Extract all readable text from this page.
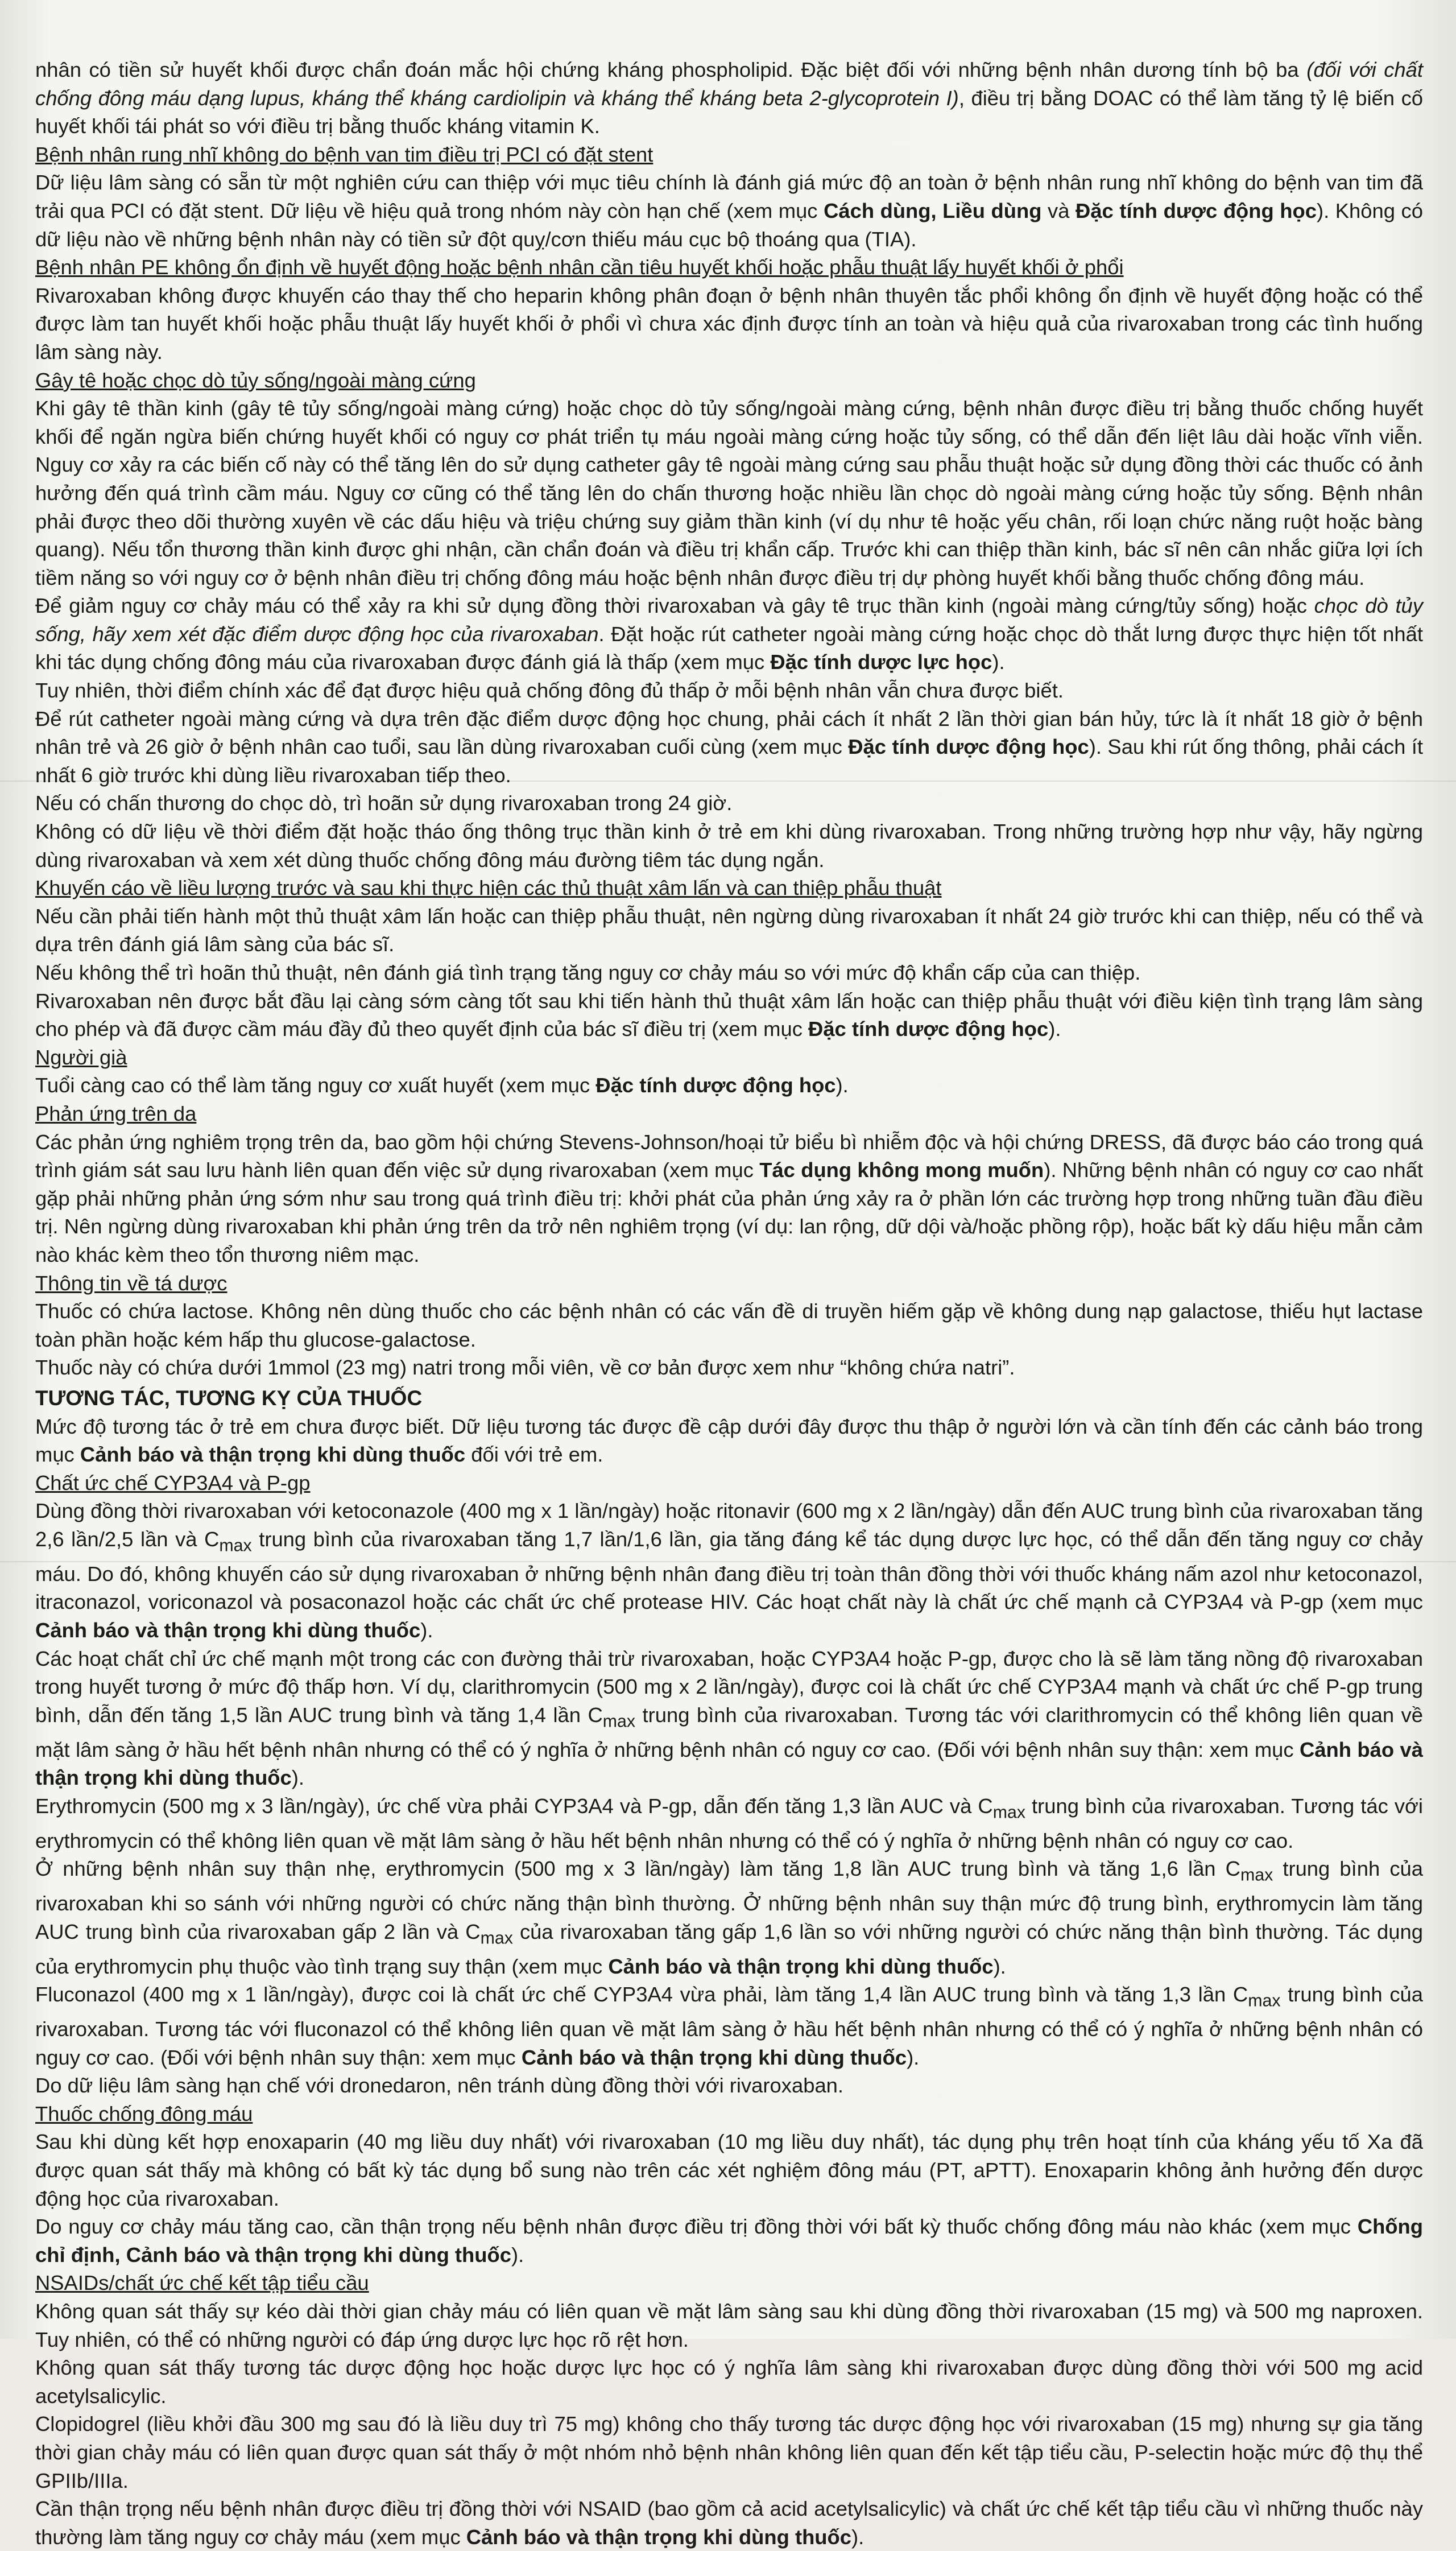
nhân có tiền sử huyết khối được chẩn đoán mắc hội chứng kháng phospholipid. Đặc biệt đối với những bệnh nhân dương tính bộ ba (đối với chất chống đông máu dạng lupus, kháng thể kháng cardiolipin và kháng thể kháng beta 2-glycoprotein I), điều trị bằng DOAC có thể làm tăng tỷ lệ biến cố huyết khối tái phát so với điều trị bằng thuốc kháng vitamin K.

Bệnh nhân rung nhĩ không do bệnh van tim điều trị PCI có đặt stent

Dữ liệu lâm sàng có sẵn từ một nghiên cứu can thiệp với mục tiêu chính là đánh giá mức độ an toàn ở bệnh nhân rung nhĩ không do bệnh van tim đã trải qua PCI có đặt stent. Dữ liệu về hiệu quả trong nhóm này còn hạn chế (xem mục Cách dùng, Liều dùng và Đặc tính dược động học). Không có dữ liệu nào về những bệnh nhân này có tiền sử đột quỵ/cơn thiếu máu cục bộ thoáng qua (TIA).

Bệnh nhân PE không ổn định về huyết động hoặc bệnh nhân cần tiêu huyết khối hoặc phẫu thuật lấy huyết khối ở phổi

Rivaroxaban không được khuyến cáo thay thế cho heparin không phân đoạn ở bệnh nhân thuyên tắc phổi không ổn định về huyết động hoặc có thể được làm tan huyết khối hoặc phẫu thuật lấy huyết khối ở phổi vì chưa xác định được tính an toàn và hiệu quả của rivaroxaban trong các tình huống lâm sàng này.

Gây tê hoặc chọc dò tủy sống/ngoài màng cứng

Khi gây tê thần kinh (gây tê tủy sống/ngoài màng cứng) hoặc chọc dò tủy sống/ngoài màng cứng, bệnh nhân được điều trị bằng thuốc chống huyết khối để ngăn ngừa biến chứng huyết khối có nguy cơ phát triển tụ máu ngoài màng cứng hoặc tủy sống, có thể dẫn đến liệt lâu dài hoặc vĩnh viễn. Nguy cơ xảy ra các biến cố này có thể tăng lên do sử dụng catheter gây tê ngoài màng cứng sau phẫu thuật hoặc sử dụng đồng thời các thuốc có ảnh hưởng đến quá trình cầm máu. Nguy cơ cũng có thể tăng lên do chấn thương hoặc nhiều lần chọc dò ngoài màng cứng hoặc tủy sống. Bệnh nhân phải được theo dõi thường xuyên về các dấu hiệu và triệu chứng suy giảm thần kinh (ví dụ như tê hoặc yếu chân, rối loạn chức năng ruột hoặc bàng quang). Nếu tổn thương thần kinh được ghi nhận, cần chẩn đoán và điều trị khẩn cấp. Trước khi can thiệp thần kinh, bác sĩ nên cân nhắc giữa lợi ích tiềm năng so với nguy cơ ở bệnh nhân điều trị chống đông máu hoặc bệnh nhân được điều trị dự phòng huyết khối bằng thuốc chống đông máu.

Để giảm nguy cơ chảy máu có thể xảy ra khi sử dụng đồng thời rivaroxaban và gây tê trục thần kinh (ngoài màng cứng/tủy sống) hoặc chọc dò tủy sống, hãy xem xét đặc điểm dược động học của rivaroxaban. Đặt hoặc rút catheter ngoài màng cứng hoặc chọc dò thắt lưng được thực hiện tốt nhất khi tác dụng chống đông máu của rivaroxaban được đánh giá là thấp (xem mục Đặc tính dược lực học).

Tuy nhiên, thời điểm chính xác để đạt được hiệu quả chống đông đủ thấp ở mỗi bệnh nhân vẫn chưa được biết.

Để rút catheter ngoài màng cứng và dựa trên đặc điểm dược động học chung, phải cách ít nhất 2 lần thời gian bán hủy, tức là ít nhất 18 giờ ở bệnh nhân trẻ và 26 giờ ở bệnh nhân cao tuổi, sau lần dùng rivaroxaban cuối cùng (xem mục Đặc tính dược động học). Sau khi rút ống thông, phải cách ít nhất 6 giờ trước khi dùng liều rivaroxaban tiếp theo.

Nếu có chấn thương do chọc dò, trì hoãn sử dụng rivaroxaban trong 24 giờ.

Không có dữ liệu về thời điểm đặt hoặc tháo ống thông trục thần kinh ở trẻ em khi dùng rivaroxaban. Trong những trường hợp như vậy, hãy ngừng dùng rivaroxaban và xem xét dùng thuốc chống đông máu đường tiêm tác dụng ngắn.

Khuyến cáo về liều lượng trước và sau khi thực hiện các thủ thuật xâm lấn và can thiệp phẫu thuật

Nếu cần phải tiến hành một thủ thuật xâm lấn hoặc can thiệp phẫu thuật, nên ngừng dùng rivaroxaban ít nhất 24 giờ trước khi can thiệp, nếu có thể và dựa trên đánh giá lâm sàng của bác sĩ.

Nếu không thể trì hoãn thủ thuật, nên đánh giá tình trạng tăng nguy cơ chảy máu so với mức độ khẩn cấp của can thiệp.

Rivaroxaban nên được bắt đầu lại càng sớm càng tốt sau khi tiến hành thủ thuật xâm lấn hoặc can thiệp phẫu thuật với điều kiện tình trạng lâm sàng cho phép và đã được cầm máu đầy đủ theo quyết định của bác sĩ điều trị (xem mục Đặc tính dược động học).

Người già

Tuổi càng cao có thể làm tăng nguy cơ xuất huyết (xem mục Đặc tính dược động học).

Phản ứng trên da

Các phản ứng nghiêm trọng trên da, bao gồm hội chứng Stevens-Johnson/hoại tử biểu bì nhiễm độc và hội chứng DRESS, đã được báo cáo trong quá trình giám sát sau lưu hành liên quan đến việc sử dụng rivaroxaban (xem mục Tác dụng không mong muốn). Những bệnh nhân có nguy cơ cao nhất gặp phải những phản ứng sớm như sau trong quá trình điều trị: khởi phát của phản ứng xảy ra ở phần lớn các trường hợp trong những tuần đầu điều trị. Nên ngừng dùng rivaroxaban khi phản ứng trên da trở nên nghiêm trọng (ví dụ: lan rộng, dữ dội và/hoặc phồng rộp), hoặc bất kỳ dấu hiệu mẫn cảm nào khác kèm theo tổn thương niêm mạc.

Thông tin về tá dược

Thuốc có chứa lactose. Không nên dùng thuốc cho các bệnh nhân có các vấn đề di truyền hiếm gặp về không dung nạp galactose, thiếu hụt lactase toàn phần hoặc kém hấp thu glucose-galactose.

Thuốc này có chứa dưới 1mmol (23 mg) natri trong mỗi viên, về cơ bản được xem như “không chứa natri”.

TƯƠNG TÁC, TƯƠNG KỴ CỦA THUỐC

Mức độ tương tác ở trẻ em chưa được biết. Dữ liệu tương tác được đề cập dưới đây được thu thập ở người lớn và cần tính đến các cảnh báo trong mục Cảnh báo và thận trọng khi dùng thuốc đối với trẻ em.

Chất ức chế CYP3A4 và P-gp

Dùng đồng thời rivaroxaban với ketoconazole (400 mg x 1 lần/ngày) hoặc ritonavir (600 mg x 2 lần/ngày) dẫn đến AUC trung bình của rivaroxaban tăng 2,6 lần/2,5 lần và $C_{max}$ trung bình của rivaroxaban tăng 1,7 lần/1,6 lần, gia tăng đáng kể tác dụng dược lực học, có thể dẫn đến tăng nguy cơ chảy máu. Do đó, không khuyến cáo sử dụng rivaroxaban ở những bệnh nhân đang điều trị toàn thân đồng thời với thuốc kháng nấm azol như ketoconazol, itraconazol, voriconazol và posaconazol hoặc các chất ức chế protease HIV. Các hoạt chất này là chất ức chế mạnh cả CYP3A4 và P-gp (xem mục Cảnh báo và thận trọng khi dùng thuốc).

Các hoạt chất chỉ ức chế mạnh một trong các con đường thải trừ rivaroxaban, hoặc CYP3A4 hoặc P-gp, được cho là sẽ làm tăng nồng độ rivaroxaban trong huyết tương ở mức độ thấp hơn. Ví dụ, clarithromycin (500 mg x 2 lần/ngày), được coi là chất ức chế CYP3A4 mạnh và chất ức chế P-gp trung bình, dẫn đến tăng 1,5 lần AUC trung bình và tăng 1,4 lần $C_{max}$ trung bình của rivaroxaban. Tương tác với clarithromycin có thể không liên quan về mặt lâm sàng ở hầu hết bệnh nhân nhưng có thể có ý nghĩa ở những bệnh nhân có nguy cơ cao. (Đối với bệnh nhân suy thận: xem mục Cảnh báo và thận trọng khi dùng thuốc).

Erythromycin (500 mg x 3 lần/ngày), ức chế vừa phải CYP3A4 và P-gp, dẫn đến tăng 1,3 lần AUC và $C_{max}$ trung bình của rivaroxaban. Tương tác với erythromycin có thể không liên quan về mặt lâm sàng ở hầu hết bệnh nhân nhưng có thể có ý nghĩa ở những bệnh nhân có nguy cơ cao.

Ở những bệnh nhân suy thận nhẹ, erythromycin (500 mg x 3 lần/ngày) làm tăng 1,8 lần AUC trung bình và tăng 1,6 lần $C_{max}$ trung bình của rivaroxaban khi so sánh với những người có chức năng thận bình thường. Ở những bệnh nhân suy thận mức độ trung bình, erythromycin làm tăng AUC trung bình của rivaroxaban gấp 2 lần và $C_{max}$ của rivaroxaban tăng gấp 1,6 lần so với những người có chức năng thận bình thường. Tác dụng của erythromycin phụ thuộc vào tình trạng suy thận (xem mục Cảnh báo và thận trọng khi dùng thuốc).

Fluconazol (400 mg x 1 lần/ngày), được coi là chất ức chế CYP3A4 vừa phải, làm tăng 1,4 lần AUC trung bình và tăng 1,3 lần $C_{max}$ trung bình của rivaroxaban. Tương tác với fluconazol có thể không liên quan về mặt lâm sàng ở hầu hết bệnh nhân nhưng có thể có ý nghĩa ở những bệnh nhân có nguy cơ cao. (Đối với bệnh nhân suy thận: xem mục Cảnh báo và thận trọng khi dùng thuốc).

Do dữ liệu lâm sàng hạn chế với dronedaron, nên tránh dùng đồng thời với rivaroxaban.

Thuốc chống đông máu

Sau khi dùng kết hợp enoxaparin (40 mg liều duy nhất) với rivaroxaban (10 mg liều duy nhất), tác dụng phụ trên hoạt tính của kháng yếu tố Xa đã được quan sát thấy mà không có bất kỳ tác dụng bổ sung nào trên các xét nghiệm đông máu (PT, aPTT). Enoxaparin không ảnh hưởng đến dược động học của rivaroxaban.

Do nguy cơ chảy máu tăng cao, cần thận trọng nếu bệnh nhân được điều trị đồng thời với bất kỳ thuốc chống đông máu nào khác (xem mục Chống chỉ định, Cảnh báo và thận trọng khi dùng thuốc).

NSAIDs/chất ức chế kết tập tiểu cầu

Không quan sát thấy sự kéo dài thời gian chảy máu có liên quan về mặt lâm sàng sau khi dùng đồng thời rivaroxaban (15 mg) và 500 mg naproxen. Tuy nhiên, có thể có những người có đáp ứng dược lực học rõ rệt hơn.

Không quan sát thấy tương tác dược động học hoặc dược lực học có ý nghĩa lâm sàng khi rivaroxaban được dùng đồng thời với 500 mg acid acetylsalicylic.

Clopidogrel (liều khởi đầu 300 mg sau đó là liều duy trì 75 mg) không cho thấy tương tác dược động học với rivaroxaban (15 mg) nhưng sự gia tăng thời gian chảy máu có liên quan được quan sát thấy ở một nhóm nhỏ bệnh nhân không liên quan đến kết tập tiểu cầu, P-selectin hoặc mức độ thụ thể GPIIb/IIIa.

Cần thận trọng nếu bệnh nhân được điều trị đồng thời với NSAID (bao gồm cả acid acetylsalicylic) và chất ức chế kết tập tiểu cầu vì những thuốc này thường làm tăng nguy cơ chảy máu (xem mục Cảnh báo và thận trọng khi dùng thuốc).
